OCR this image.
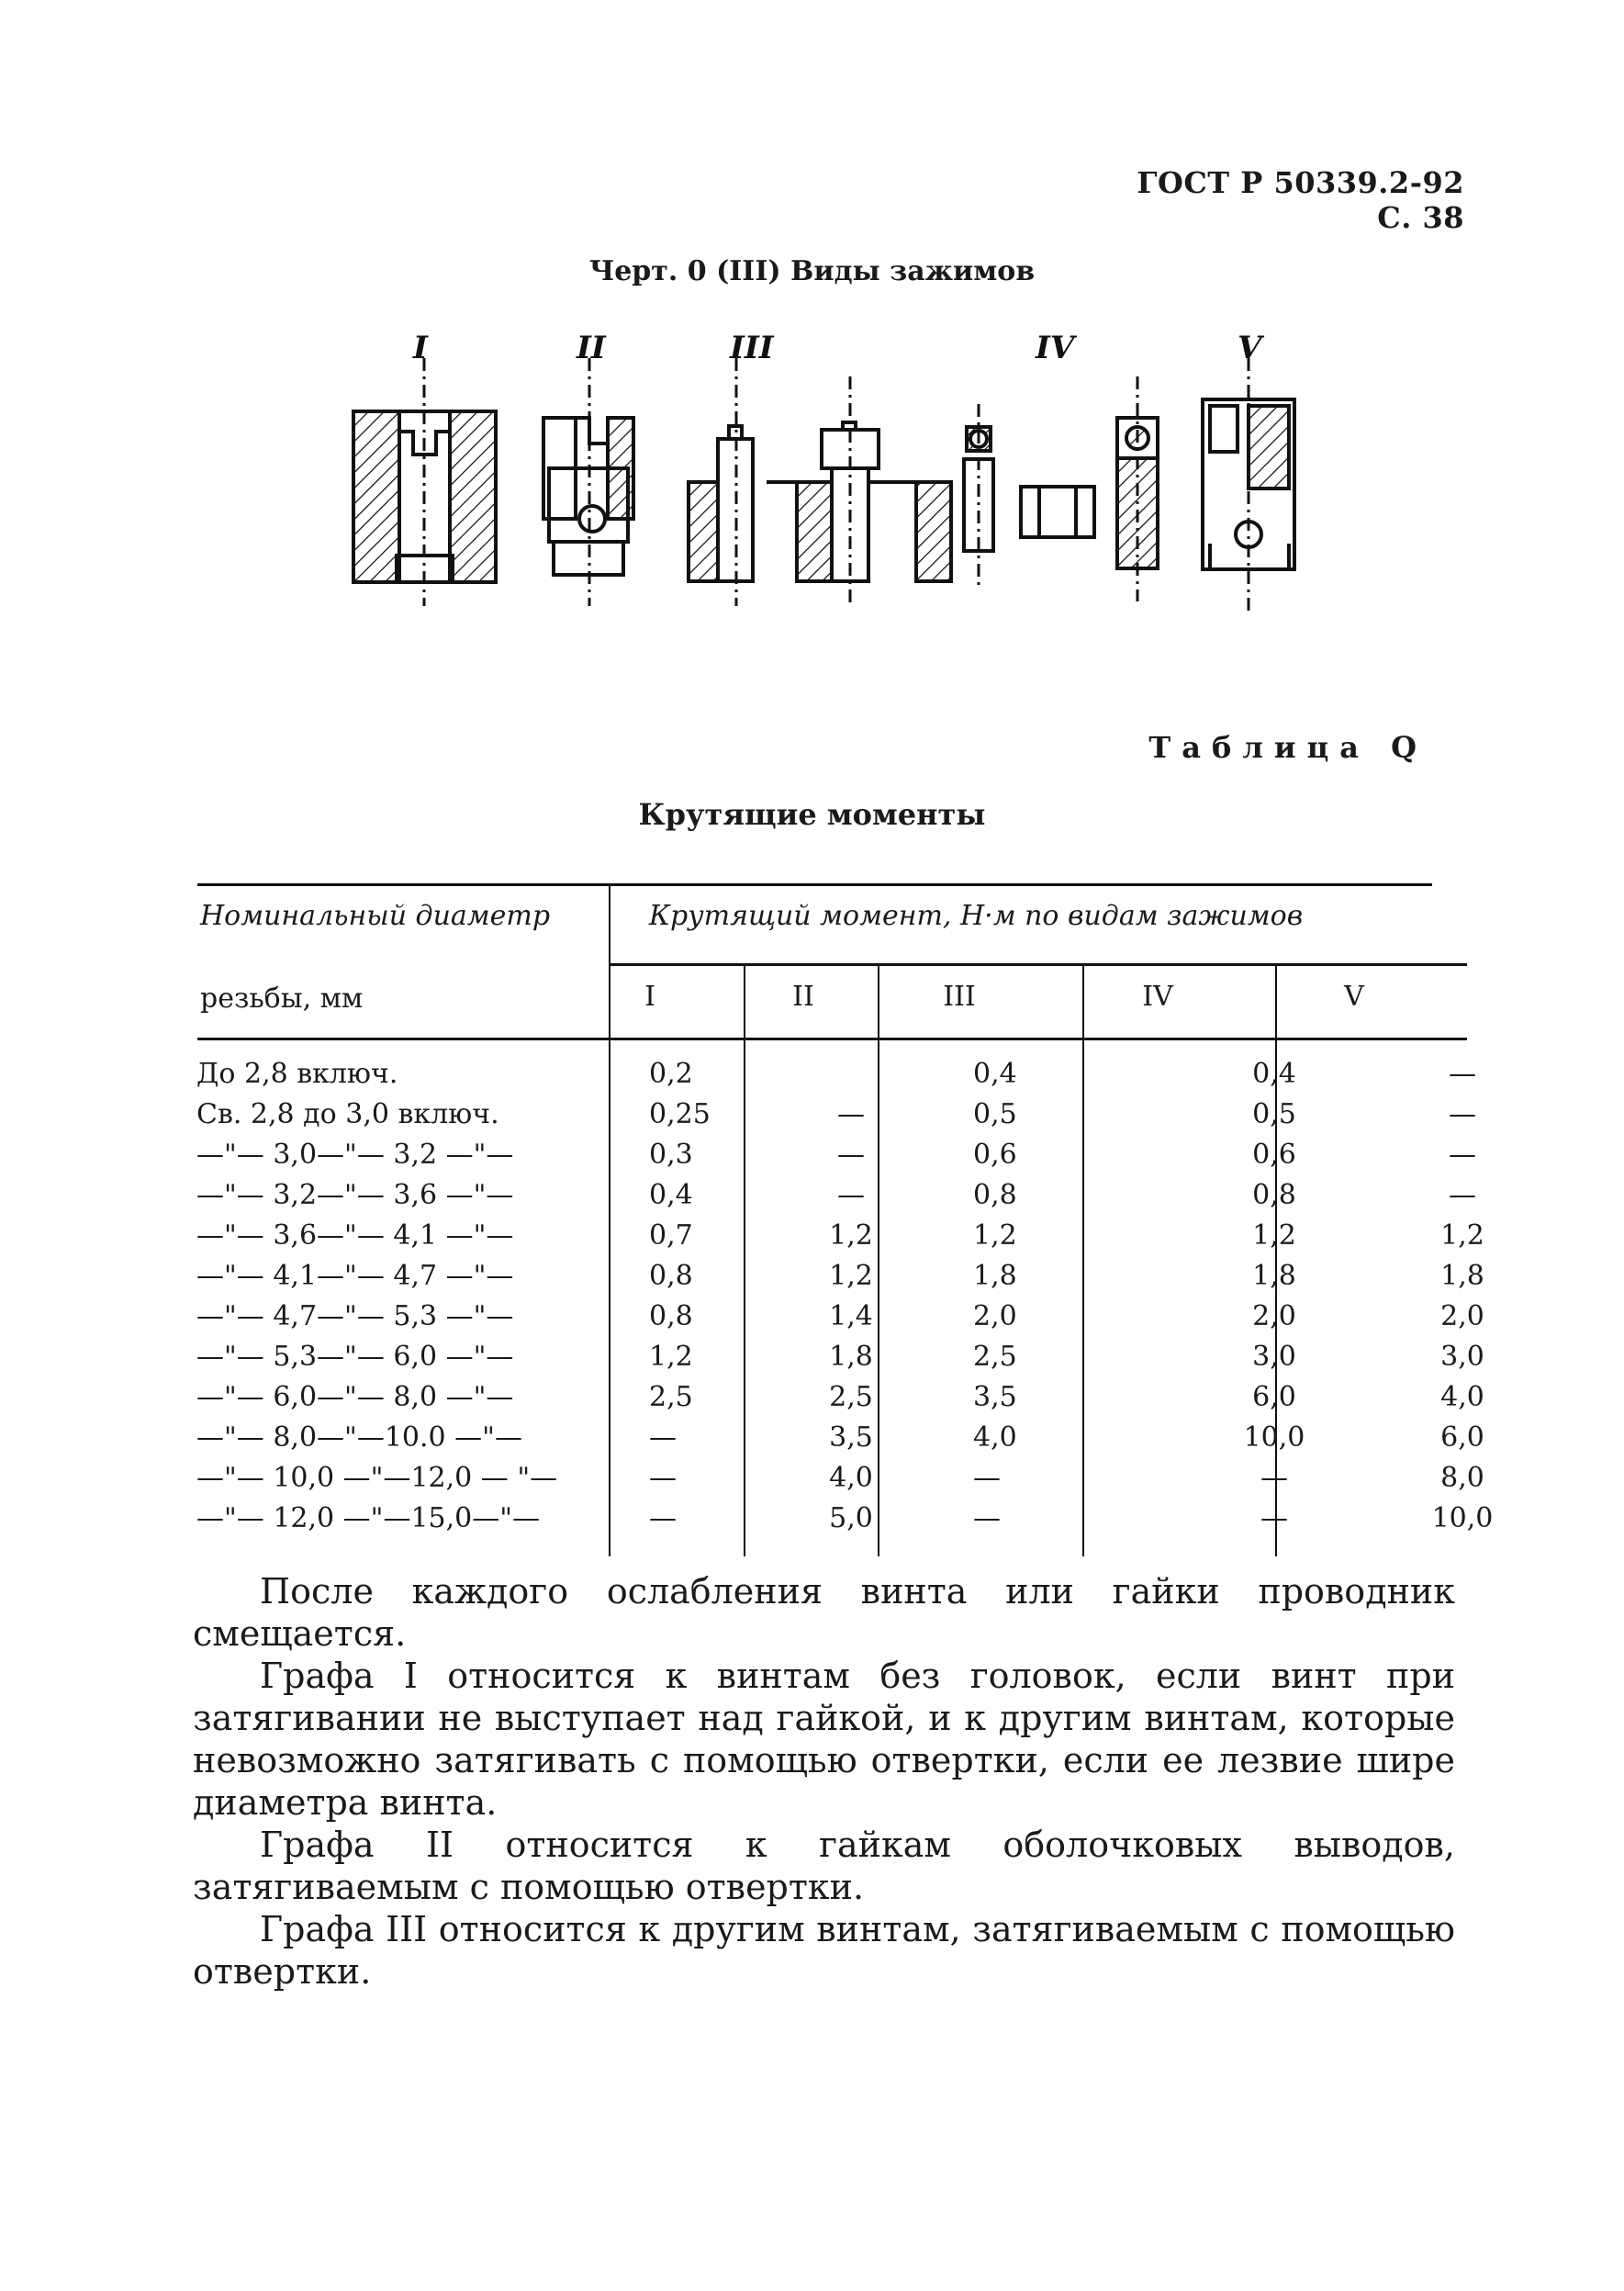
ГОСТ Р 50339.2-92 С. 38
Черт. 0 (III) Виды зажимов
I	II	III	IV	V
Таблица Q
Крутящие моменты
Номинальный диаметр
резьбы, мм
Крутящий момент, Н·м по видам зажимов
I	II	III	IV	V
До 2,8 включ.	0,2		0,4	0,4	—
Св. 2,8 до 3,0 включ.	0,25	—	0,5	0,5	—
—"— 3,0—"— 3,2 —"—	0,3	—	0,6	0,6	—
—"— 3,2—"— 3,6 —"—	0,4	—	0,8	0,8	—
—"— 3,6—"— 4,1 —"—	0,7	1,2	1,2	1,2	1,2
—"— 4,1—"— 4,7 —"—	0,8	1,2	1,8	1,8	1,8
—"— 4,7—"— 5,3 —"—	0,8	1,4	2,0	2,0	2,0
—"— 5,3—"— 6,0 —"—	1,2	1,8	2,5	3,0	3,0
—"— 6,0—"— 8,0 —"—	2,5	2,5	3,5	6,0	4,0
—"— 8,0—"—10.0 —"—	—	3,5	4,0	10,0	6,0
—"— 10,0 —"—12,0 — "—	—	4,0	—	—	8,0
—"— 12,0 —"—15,0—"—	—	5,0	—	—	10,0

После каждого ослабления винта или гайки проводник смещается.

Графа I относится к винтам без головок, если винт при затягивании не выступает над гайкой, и к другим винтам, которые невозможно затягивать с помощью отвертки, если ее лезвие шире диаметра винта.

Графа II относится к гайкам оболочковых выводов, затягиваемым с помощью отвертки.

Графа III относится к другим винтам, затягиваемым с помощью отвертки.
